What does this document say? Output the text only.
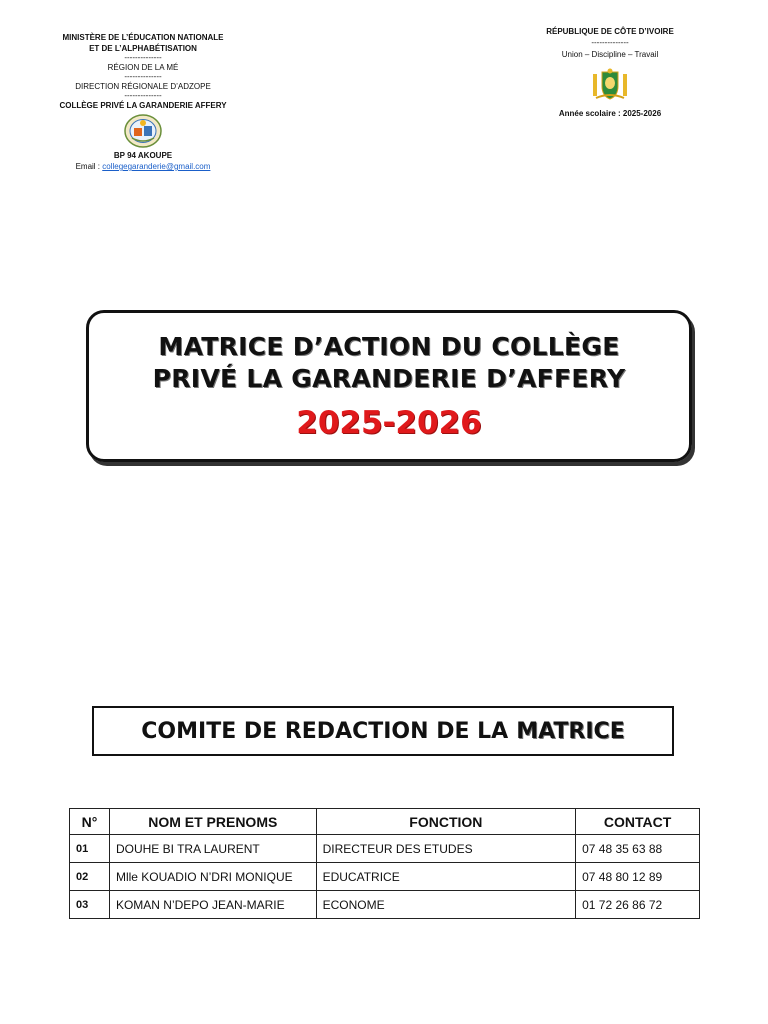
MINISTÈRE DE L’ÉDUCATION NATIONALE
ET DE L’ALPHABÉTISATION
--------------
RÉGION DE LA MÉ
--------------
DIRECTION RÉGIONALE D’ADZOPE
--------------
COLLÈGE PRIVÉ LA GARANDERIE AFFERY
BP 94 AKOUPE
Email : collegegaranderie@gmail.com
RÉPUBLIQUE DE CÔTE D’IVOIRE
--------------
Union – Discipline – Travail
Année scolaire : 2025-2026
MATRICE D’ACTION DU COLLÈGE
PRIVÉ LA GARANDERIE D’AFFERY
2025-2026
COMITE DE REDACTION DE LA MATRICE
N°	NOM ET PRENOMS	FONCTION	CONTACT
01	DOUHE BI TRA LAURENT	DIRECTEUR DES ETUDES	07 48 35 63 88
02	Mlle KOUADIO N’DRI MONIQUE	EDUCATRICE	07 48 80 12 89
03	KOMAN N’DEPO JEAN-MARIE	ECONOME	01 72 26 86 72
